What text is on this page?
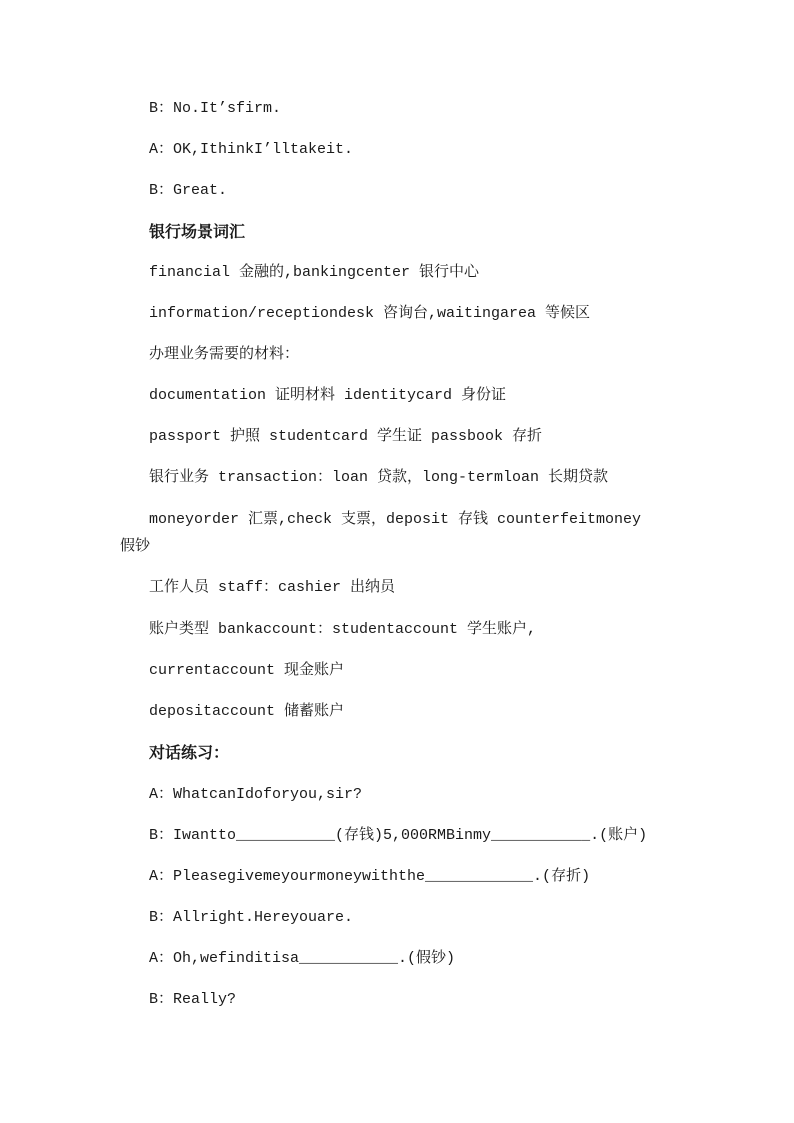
B：No.It’sfirm.
A：OK,IthinkI’lltakeit.
B：Great.
银行场景词汇
financial 金融的,bankingcenter 银行中心
information/receptiondesk 咨询台,waitingarea 等候区
办理业务需要的材料：
documentation 证明材料 identitycard 身份证
passport 护照 studentcard 学生证 passbook 存折
银行业务 transaction：loan 贷款，long-termloan 长期贷款
moneyorder 汇票,check 支票，deposit 存钱 counterfeitmoney
假钞
工作人员 staff：cashier 出纳员
账户类型 bankaccount：studentaccount 学生账户,
currentaccount 现金账户
depositaccount 储蓄账户
对话练习：
A：WhatcanIdoforyou,sir?
B：Iwantto___________(存钱)5,000RMBinmy___________.(账户)
A：Pleasegivemeyourmoneywiththe____________.(存折)
B：Allright.Hereyouare.
A：Oh,wefinditisa___________.(假钞)
B：Really?
